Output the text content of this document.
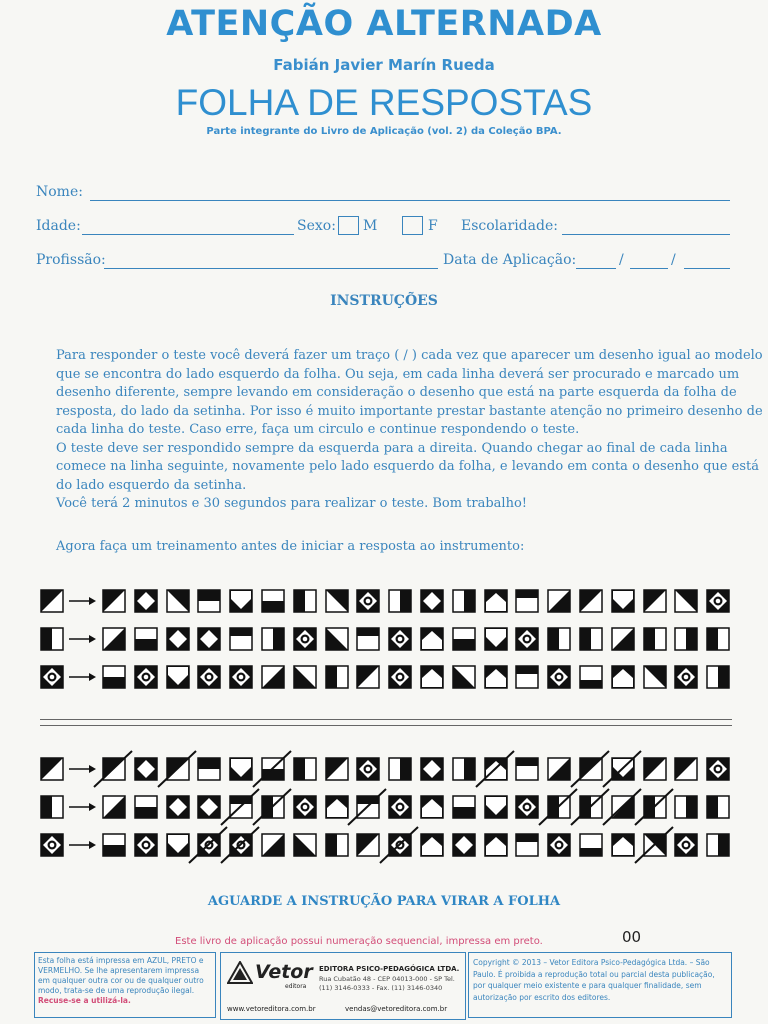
ATENÇÃO ALTERNADA
Fabián Javier Marín Rueda
FOLHA DE RESPOSTAS
Parte integrante do Livro de Aplicação (vol. 2) da Coleção BPA.
Nome:
Idade:	Sexo: M	F Escolaridade:
Profissão:	Data de Aplicação:	/	/
INSTRUÇÕES

Para responder o teste você deverá fazer um traço ( / ) cada vez que aparecer um desenho igual ao modelo que se encontra do lado esquerdo da folha. Ou seja, em cada linha deverá ser procurado e marcado um desenho diferente, sempre levando em consideração o desenho que está na parte esquerda da folha de resposta, do lado da setinha. Por isso é muito importante prestar bastante atenção no primeiro desenho de cada linha do teste. Caso erre, faça um circulo e continue respondendo o teste.

O teste deve ser respondido sempre da esquerda para a direita. Quando chegar ao final de cada linha comece na linha seguinte, novamente pelo lado esquerdo da folha, e levando em conta o desenho que está do lado esquerdo da setinha.

Você terá 2 minutos e 30 segundos para realizar o teste. Bom trabalho!

Agora faça um treinamento antes de iniciar a resposta ao instrumento:

AGUARDE A INSTRUÇÃO PARA VIRAR A FOLHA
Este livro de aplicação possui numeração sequencial, impressa em preto.	00
Esta folha está impressa em AZUL, PRETO e VERMELHO. Se lhe apresentarem impressa em qualquer outra cor ou de qualquer outro modo, trata-se de uma reprodução ilegal. Recuse-se a utilizá-la.
Vetor
editora
EDITORA PSICO-PEDAGÓGICA LTDA.
Rua Cubatão 48 - CEP 04013-000 - SP Tel. (11) 3146-0333 - Fax. (11) 3146-0340
www.vetoreditora.com.br	vendas@vetoreditora.com.br
Copyright © 2013 – Vetor Editora Psico-Pedagógica Ltda. – São Paulo. É proibida a reprodução total ou parcial desta publicação, por qualquer meio existente e para qualquer finalidade, sem autorização por escrito dos editores.
